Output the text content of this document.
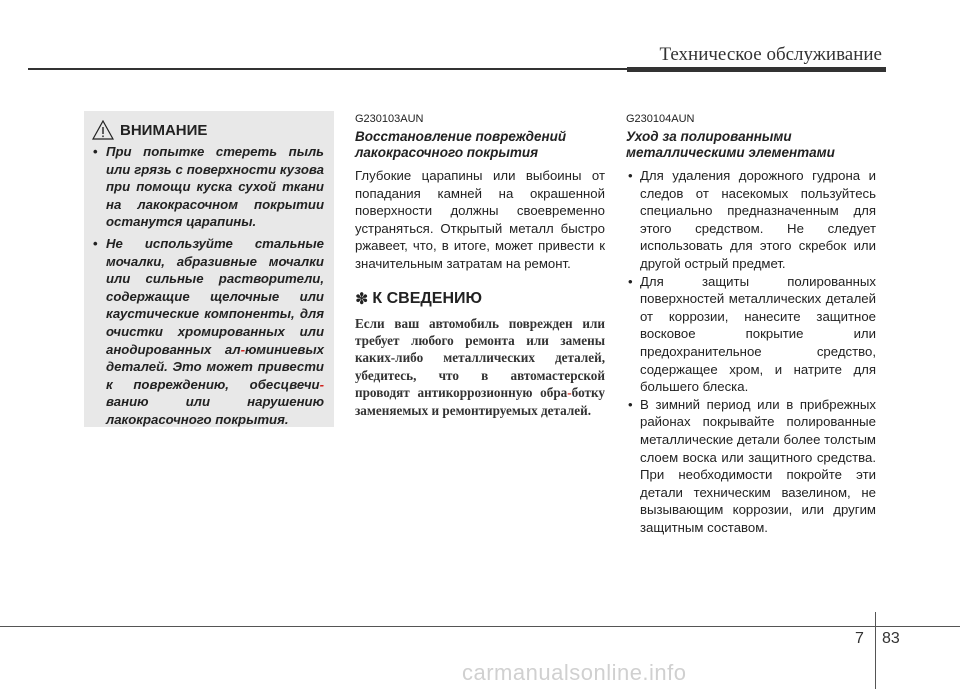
Техническое обслуживание
ВНИМАНИЕ
• При попытке стереть пыль или грязь с поверхности кузова при помощи куска сухой ткани на лакокрасочном покрытии останутся царапины.
• Не используйте стальные мочалки, абразивные мочалки или сильные растворители, содержащие щелочные или каустические компоненты, для очистки хромированных или анодированных ал-юминиевых деталей. Это может привести к повреждению, обесцвечи-ванию или нарушению лакокрасочного покрытия.
G230103AUN
Восстановление повреждений лакокрасочного покрытия

Глубокие царапины или выбоины от попадания камней на окрашенной поверхности должны своевременно устраняться. Открытый металл быстро ржавеет, что, в итоге, может привести к значительным затратам на ремонт.

✽ К СВЕДЕНИЮ

Если ваш автомобиль поврежден или требует любого ремонта или замены каких-либо металлических деталей, убедитесь, что в автомастерской проводят антикоррозионную обра-ботку заменяемых и ремонтируемых деталей.

G230104AUN
Уход за полированными металлическими элементами
• Для удаления дорожного гудрона и следов от насекомых пользуйтесь специально предназначенным для этого средством. Не следует использовать для этого скребок или другой острый предмет.
• Для защиты полированных поверхностей металлических деталей от коррозии, нанесите защитное восковое покрытие или предохранительное средство, содержащее хром, и натрите для большего блеска.
• В зимний период или в прибрежных районах покрывайте полированные металлические детали более толстым слоем воска или защитного средства. При необходимости покройте эти детали техническим вазелином, не вызывающим коррозии, или другим защитным составом.
7 83
carmanualsonline.info
